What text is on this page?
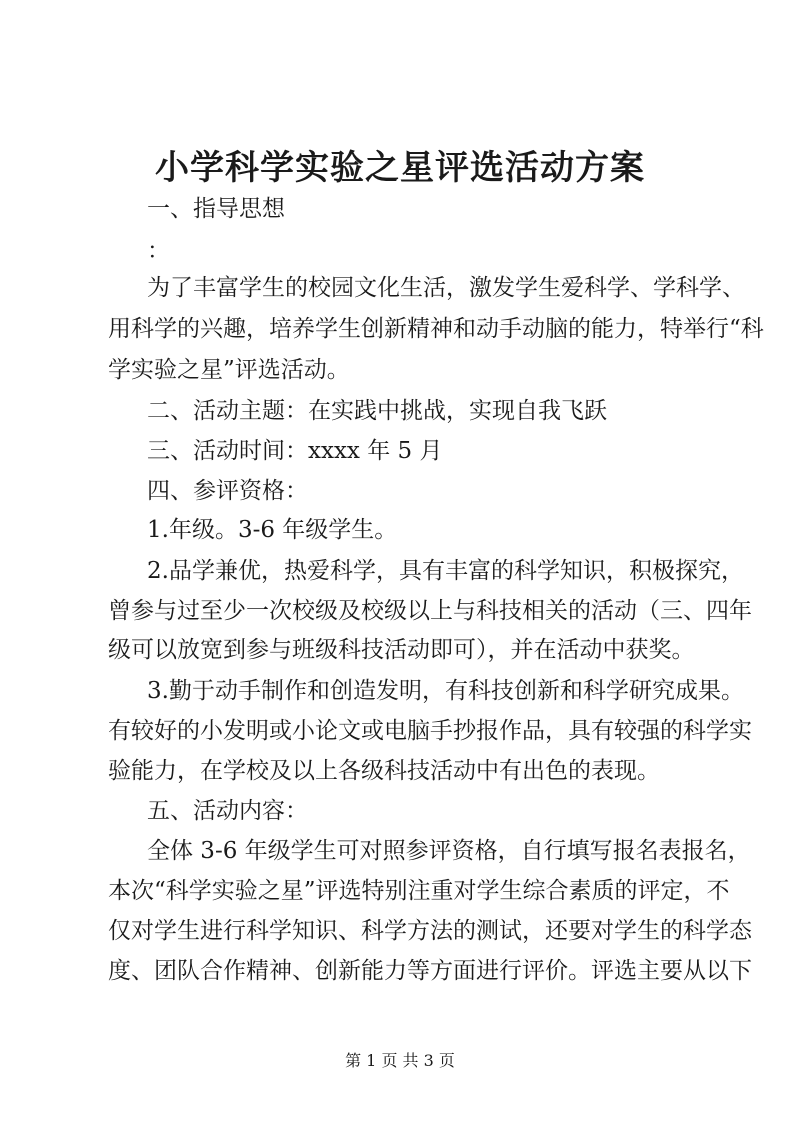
小学科学实验之星评选活动方案
一、指导思想
：
为了丰富学生的校园文化生活，激发学生爱科学、学科学、
用科学的兴趣，培养学生创新精神和动手动脑的能力，特举行“科
学实验之星”评选活动。
二、活动主题：在实践中挑战，实现自我飞跃
三、活动时间：xxxx 年 5 月
四、参评资格：
1.年级。3-6 年级学生。
2.品学兼优，热爱科学，具有丰富的科学知识，积极探究，
曾参与过至少一次校级及校级以上与科技相关的活动（三、四年
级可以放宽到参与班级科技活动即可），并在活动中获奖。
3.勤于动手制作和创造发明，有科技创新和科学研究成果。
有较好的小发明或小论文或电脑手抄报作品，具有较强的科学实
验能力，在学校及以上各级科技活动中有出色的表现。
五、活动内容：
全体 3-6 年级学生可对照参评资格，自行填写报名表报名，
本次“科学实验之星”评选特别注重对学生综合素质的评定，不
仅对学生进行科学知识、科学方法的测试，还要对学生的科学态
度、团队合作精神、创新能力等方面进行评价。评选主要从以下
第 1 页 共 3 页
